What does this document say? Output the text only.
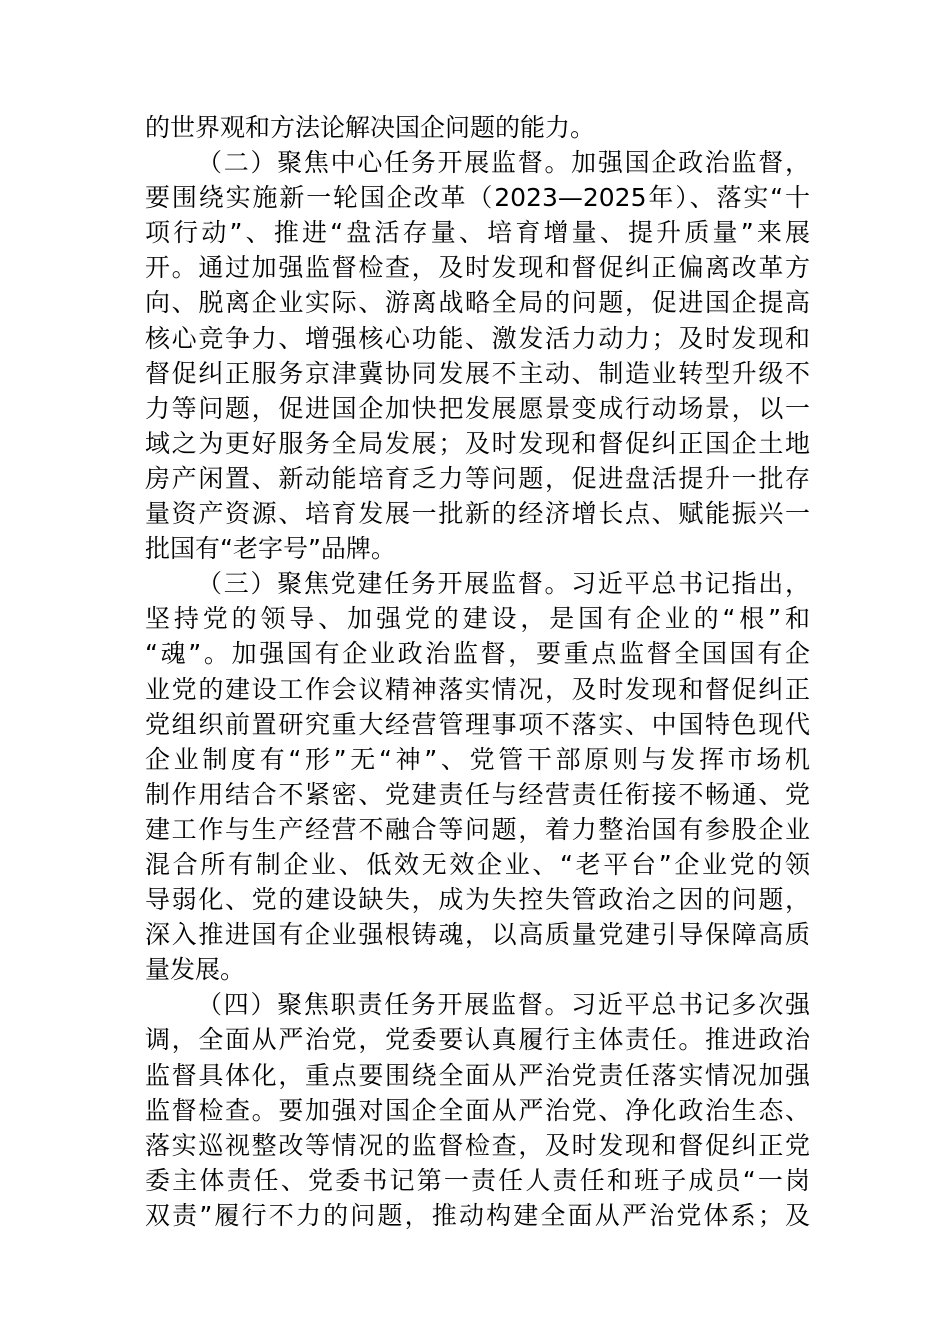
的世界观和方法论解决国企问题的能力。
（二）聚焦中心任务开展监督。加强国企政治监督，
要围绕实施新一轮国企改革（2023—2025年）、落实“十
项行动”、推进“盘活存量、培育增量、提升质量”来展
开。通过加强监督检查，及时发现和督促纠正偏离改革方
向、脱离企业实际、游离战略全局的问题，促进国企提高
核心竞争力、增强核心功能、激发活力动力；及时发现和
督促纠正服务京津冀协同发展不主动、制造业转型升级不
力等问题，促进国企加快把发展愿景变成行动场景，以一
域之为更好服务全局发展；及时发现和督促纠正国企土地
房产闲置、新动能培育乏力等问题，促进盘活提升一批存
量资产资源、培育发展一批新的经济增长点、赋能振兴一
批国有“老字号”品牌。
（三）聚焦党建任务开展监督。习近平总书记指出，
坚持党的领导、加强党的建设，是国有企业的“根”和
“魂”。加强国有企业政治监督，要重点监督全国国有企
业党的建设工作会议精神落实情况，及时发现和督促纠正
党组织前置研究重大经营管理事项不落实、中国特色现代
企业制度有“形”无“神”、党管干部原则与发挥市场机
制作用结合不紧密、党建责任与经营责任衔接不畅通、党
建工作与生产经营不融合等问题，着力整治国有参股企业
混合所有制企业、低效无效企业、“老平台”企业党的领
导弱化、党的建设缺失，成为失控失管政治之因的问题，
深入推进国有企业强根铸魂，以高质量党建引导保障高质
量发展。
（四）聚焦职责任务开展监督。习近平总书记多次强
调，全面从严治党，党委要认真履行主体责任。推进政治
监督具体化，重点要围绕全面从严治党责任落实情况加强
监督检查。要加强对国企全面从严治党、净化政治生态、
落实巡视整改等情况的监督检查，及时发现和督促纠正党
委主体责任、党委书记第一责任人责任和班子成员“一岗
双责”履行不力的问题，推动构建全面从严治党体系；及
